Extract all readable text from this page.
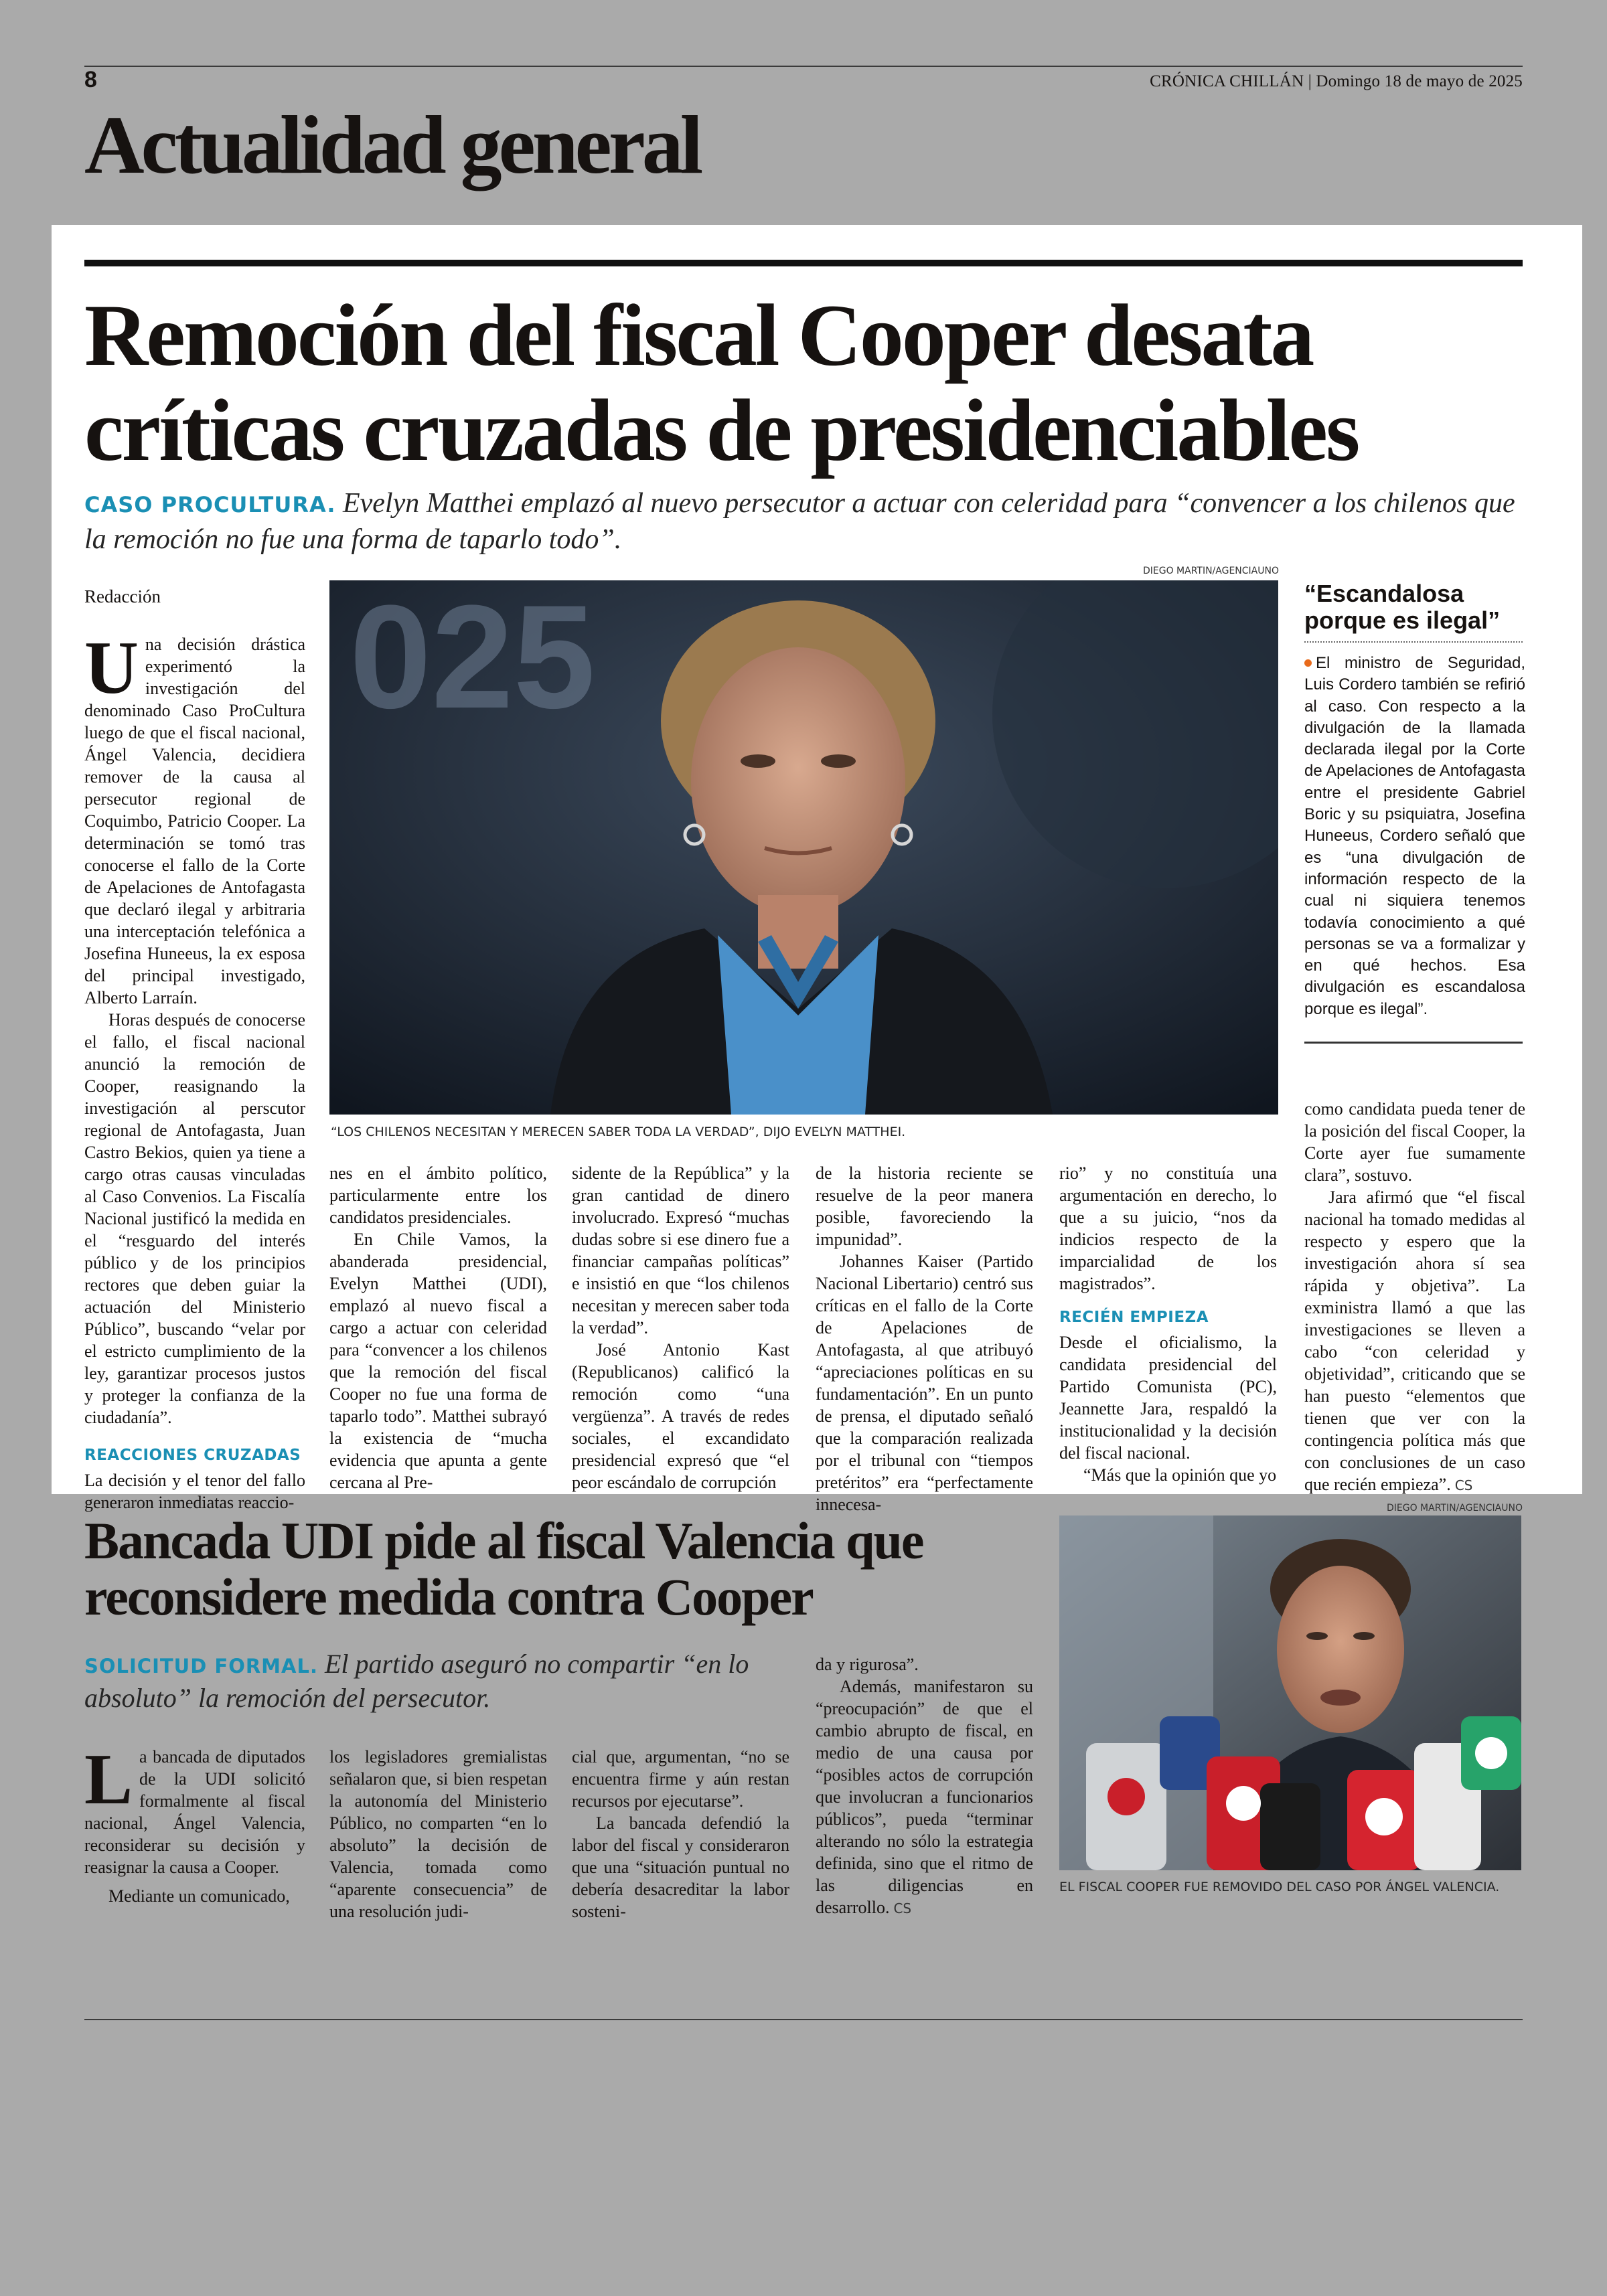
8	CRÓNICA CHILLÁN | Domingo 18 de mayo de 2025
Actualidad general
Remoción del fiscal Cooper desata críticas cruzadas de presidenciables
CASO PROCULTURA. Evelyn Matthei emplazó al nuevo persecutor a actuar con celeridad para “convencer a los chilenos que la remoción no fue una forma de taparlo todo”.
DIEGO MARTIN/AGENCIAUNO
025
“LOS CHILENOS NECESITAN Y MERECEN SABER TODA LA VERDAD”, DIJO EVELYN MATTHEI.
Redacción
U na decisión drástica experimentó la investigación del denominado Caso ProCultura luego de que el fiscal nacional, Ángel Valencia, decidiera remover de la causa al persecutor regional de Coquimbo, Patricio Cooper. La determinación se tomó tras conocerse el fallo de la Corte de Apelaciones de Antofagasta que declaró ilegal y arbitraria una interceptación telefónica a Josefina Huneeus, la ex esposa del principal investigado, Alberto Larraín.

Horas después de conocerse el fallo, el fiscal nacional anunció la remoción de Cooper, reasignando la investigación al perscutor regional de Antofagasta, Juan Castro Bekios, quien ya tiene a cargo otras causas vinculadas al Caso Convenios. La Fiscalía Nacional justificó la medida en el “resguardo del interés público y de los principios rectores que deben guiar la actuación del Ministerio Público”, buscando “velar por el estricto cumplimiento de la ley, garantizar procesos justos y proteger la confianza de la ciudadanía”.

REACCIONES CRUZADAS

La decisión y el tenor del fallo generaron inmediatas reaccio-

nes en el ámbito político, particularmente entre los candidatos presidenciales.

En Chile Vamos, la abanderada presidencial, Evelyn Matthei (UDI), emplazó al nuevo fiscal a cargo a actuar con celeridad para “convencer a los chilenos que la remoción del fiscal Cooper no fue una forma de taparlo todo”. Matthei subrayó la existencia de “mucha evidencia que apunta a gente cercana al Pre-

sidente de la República” y la gran cantidad de dinero involucrado. Expresó “muchas dudas sobre si ese dinero fue a financiar campañas políticas” e insistió en que “los chilenos necesitan y merecen saber toda la verdad”.

José Antonio Kast (Republicanos) calificó la remoción como “una vergüenza”. A través de redes sociales, el excandidato presidencial expresó que “el peor escándalo de corrupción

de la historia reciente se resuelve de la peor manera posible, favoreciendo la impunidad”.

Johannes Kaiser (Partido Nacional Libertario) centró sus críticas en el fallo de la Corte de Apelaciones de Antofagasta, al que atribuyó “apreciaciones políticas en su fundamentación”. En un punto de prensa, el diputado señaló que la comparación realizada por el tribunal con “tiempos pretéritos” era “perfectamente innecesa-

rio” y no constituía una argumentación en derecho, lo que a su juicio, “nos da indicios respecto de la imparcialidad de los magistrados”.

RECIÉN EMPIEZA

Desde el oficialismo, la candidata presidencial del Partido Comunista (PC), Jeannette Jara, respaldó la institucionalidad y la decisión del fiscal nacional.

“Más que la opinión que yo

“Escandalosa porque es ilegal”
El ministro de Seguridad, Luis Cordero también se refirió al caso. Con respecto a la divulgación de la llamada declarada ilegal por la Corte de Apelaciones de Antofagasta entre el presidente Gabriel Boric y su psiquiatra, Josefina Huneeus, Cordero señaló que es “una divulgación de información respecto de la cual ni siquiera tenemos todavía conocimiento a qué personas se va a formalizar y en qué hechos. Esa divulgación es escandalosa porque es ilegal”.

como candidata pueda tener de la posición del fiscal Cooper, la Corte ayer fue sumamente clara”, sostuvo.

Jara afirmó que “el fiscal nacional ha tomado medidas al respecto y espero que la investigación ahora sí sea rápida y objetiva”. La exministra llamó a que las investigaciones se lleven a cabo “con celeridad y objetividad”, criticando que se han puesto “elementos que tienen que ver con la contingencia política más que con conclusiones de un caso que recién empieza”. CS

DIEGO MARTIN/AGENCIAUNO
Bancada UDI pide al fiscal Valencia que reconsidere medida contra Cooper
SOLICITUD FORMAL. El partido aseguró no compartir “en lo absoluto” la remoción del persecutor.
EL FISCAL COOPER FUE REMOVIDO DEL CASO POR ÁNGEL VALENCIA.
L a bancada de diputados de la UDI solicitó formalmente al fiscal nacional, Ángel Valencia, reconsiderar su decisión y reasignar la causa a Cooper.

Mediante un comunicado,

los legisladores gremialistas señalaron que, si bien respetan la autonomía del Ministerio Público, no comparten “en lo absoluto” la decisión de Valencia, tomada como “aparente consecuencia” de una resolución judi-

cial que, argumentan, “no se encuentra firme y aún restan recursos por ejecutarse”.

La bancada defendió la labor del fiscal y consideraron que una “situación puntual no debería desacreditar la labor sosteni-

da y rigurosa”.

Además, manifestaron su “preocupación” de que el cambio abrupto de fiscal, en medio de una causa por “posibles actos de corrupción que involucran a funcionarios públicos”, pueda “terminar alterando no sólo la estrategia definida, sino que el ritmo de las diligencias en desarrollo. CS
